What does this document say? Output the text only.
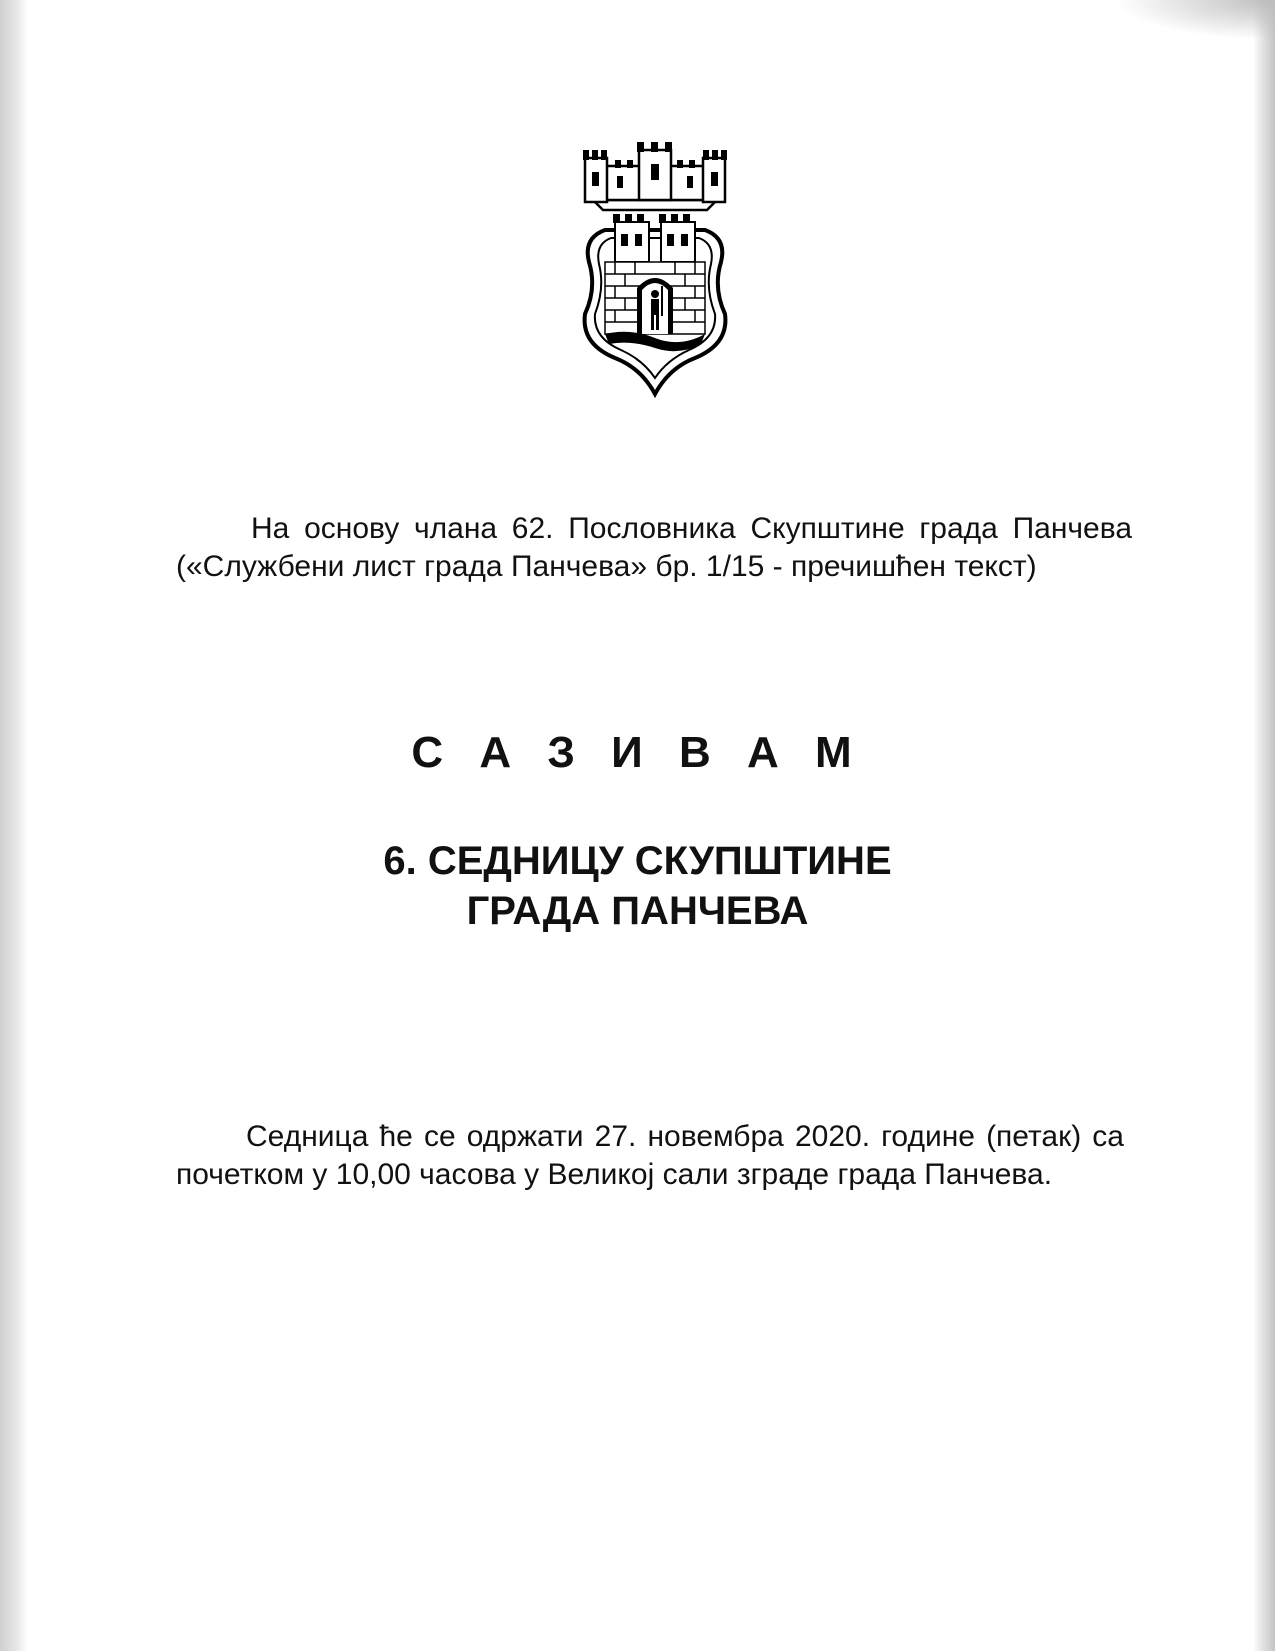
На основу члана 62. Пословника Скупштине града Панчева («Службени лист града Панчева» бр. 1/15 - пречишћен текст)

С А З И В А М
6. СЕДНИЦУ СКУПШТИНЕ
ГРАДА ПАНЧЕВА

Седница ће се одржати 27. новембра 2020. године (петак) са почетком у 10,00 часова у Великој сали зграде града Панчева.
